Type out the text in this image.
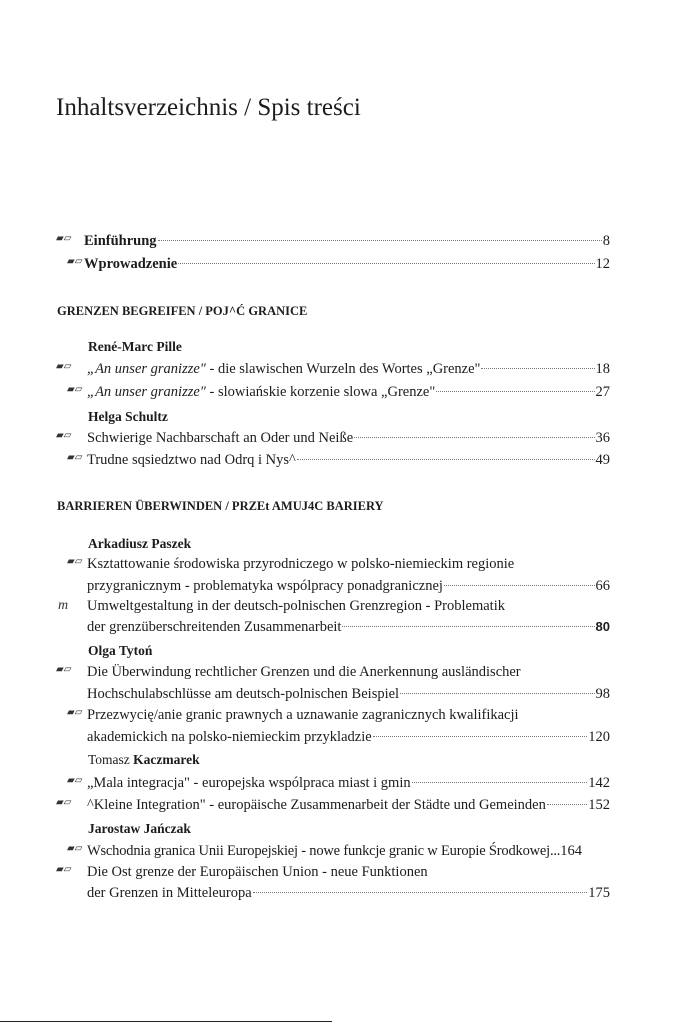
Inhaltsverzeichnis / Spis treści
▰▱ Einführung	8
▰▱ Wprowadzenie	12
GRENZEN BEGREIFEN / POJ^Ć GRANICE
René-Marc Pille
▰▱	„An unser granizze" - die slawischen Wurzeln des Wortes „Grenze"	18
▰▱ „An unser granizze" - slowiańskie korzenie slowa „Grenze"	27
Helga Schultz
▰▱	Schwierige Nachbarschaft an Oder und Neiße	36
▰▱ Trudne sqsiedztwo nad Odrq i Nys^	49
BARRIEREN ÜBERWINDEN / PRZEt AMUJ4C BARIERY
Arkadiusz Paszek
▰▱ Ksztattowanie środowiska przyrodniczego w polsko-niemieckim regionie
przygranicznym - problematyka wspólpracy ponadgranicznej	66
m	Umweltgestaltung in der deutsch-polnischen Grenzregion - Problematik
der grenzüberschreitenden Zusammenarbeit	80
Olga Tytoń
▰▱	Die Überwindung rechtlicher Grenzen und die Anerkennung ausländischer
Hochschulabschlüsse am deutsch-polnischen Beispiel	98
▰▱ Przezwycię/anie granic prawnych a uznawanie zagranicznych kwalifikacji
akademickich na polsko-niemieckim przykladzie	120
Tomasz Kaczmarek
▰▱ „Mala integracja" - europejska wspólpraca miast i gmin	142
▰▱	^Kleine Integration" - europäische Zusammenarbeit der Städte und Gemeinden	152
Jarostaw Jańczak
▰▱ Wschodnia granica Unii Europejskiej - nowe funkcje granic w Europie Środkowej... 164
▰▱	Die Ost grenze der Europäischen Union - neue Funktionen
der Grenzen in Mitteleuropa	175
